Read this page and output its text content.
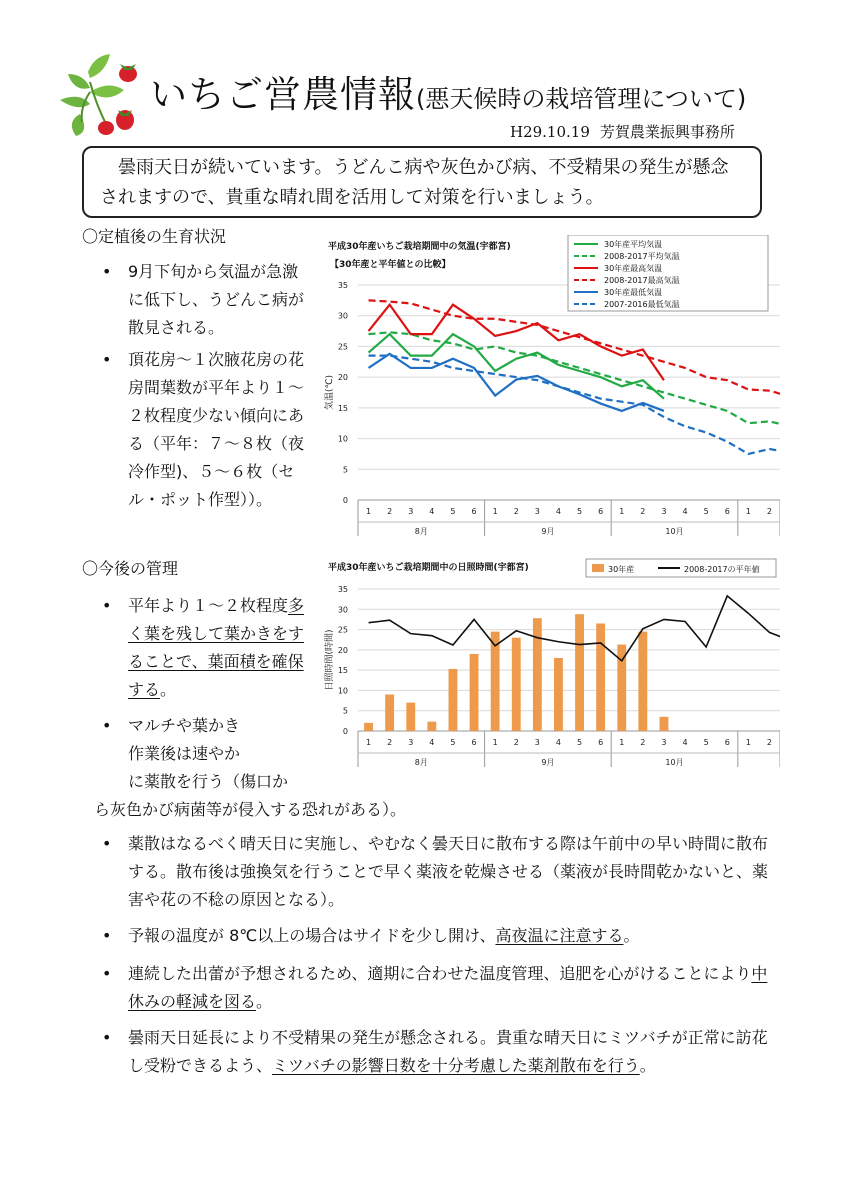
いちご営農情報(悪天候時の栽培管理について)
H29.10.19 芳賀農業振興事務所
曇雨天日が続いています。うどんこ病や灰色かび病、不受精果の発生が懸念されますので、貴重な晴れ間を活用して対策を行いましょう。
〇定植後の生育状況
• 9月下旬から気温が急激に低下し、うどんこ病が散見される。
• 頂花房〜１次腋花房の花房間葉数が平年より１〜２枚程度少ない傾向にある（平年：７〜８枚（夜冷作型)、５〜６枚（セル・ポット作型））。	0
5
10
15
20
25
30
35
1 2 3 4 5 6 1 2 3 4 5 6 1 2 3 4 5 6 1 2
8月	9月	10月
気温(℃)
平成30年産いちご栽培期間中の気温(宇都宮)
【30年産と平年値との比較】
30年産平均気温
2008-2017平均気温
30年産最高気温
2008-2017最高気温
30年産最低気温
2007-2016最低気温
〇今後の管理
• 平年より１〜２枚程度多く葉を残して葉かきをすることで、葉面積を確保する。
• マルチや葉かき
作業後は速やか
に薬散を行う（傷口か
ら灰色かび病菌等が侵入する恐れがある）。
0
5
10
15
20
25
30
35
1 2 3 4 5 6 1 2 3 4 5 6 1 2 3 4 5 6 1 2
8月	9月	10月
日照時間(時間)
平成30年産いちご栽培期間中の日照時間(宇都宮)	30年産	2008-2017の平年値
• 薬散はなるべく晴天日に実施し、やむなく曇天日に散布する際は午前中の早い時間に散布する。散布後は強換気を行うことで早く薬液を乾燥させる（薬液が長時間乾かないと、薬害や花の不稔の原因となる）。
• 予報の温度が 8℃以上の場合はサイドを少し開け、高夜温に注意する。
• 連続した出蕾が予想されるため、適期に合わせた温度管理、追肥を心がけることにより中休みの軽減を図る。
• 曇雨天日延長により不受精果の発生が懸念される。貴重な晴天日にミツバチが正常に訪花し受粉できるよう、ミツバチの影響日数を十分考慮した薬剤散布を行う。
